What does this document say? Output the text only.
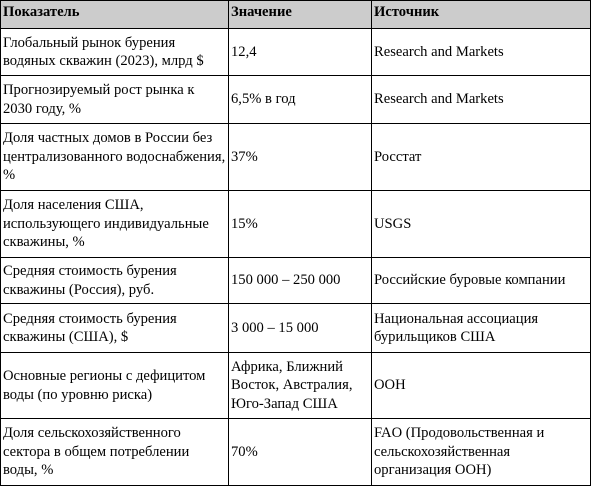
Показатель	Значение	Источник
Глобальный рынок бурения водяных скважин (2023), млрд $	12,4	Research and Markets
Прогнозируемый рост рынка к 2030 году, %	6,5% в год	Research and Markets
Доля частных домов в России без централизованного водоснабжения, %	37%	Росстат
Доля населения США, использующего индивидуальные скважины, %	15%	USGS
Средняя стоимость бурения скважины (Россия), руб.	150 000 – 250 000	Российские буровые компании
Средняя стоимость бурения скважины (США), $	3 000 – 15 000	Национальная ассоциация бурильщиков США
Основные регионы с дефицитом воды (по уровню риска)	Африка, Ближний Восток, Австралия, Юго-Запад США	ООН
Доля сельскохозяйственного сектора в общем потреблении воды, %	70%	FAO (Продовольственная и сельскохозяйственная организация ООН)
